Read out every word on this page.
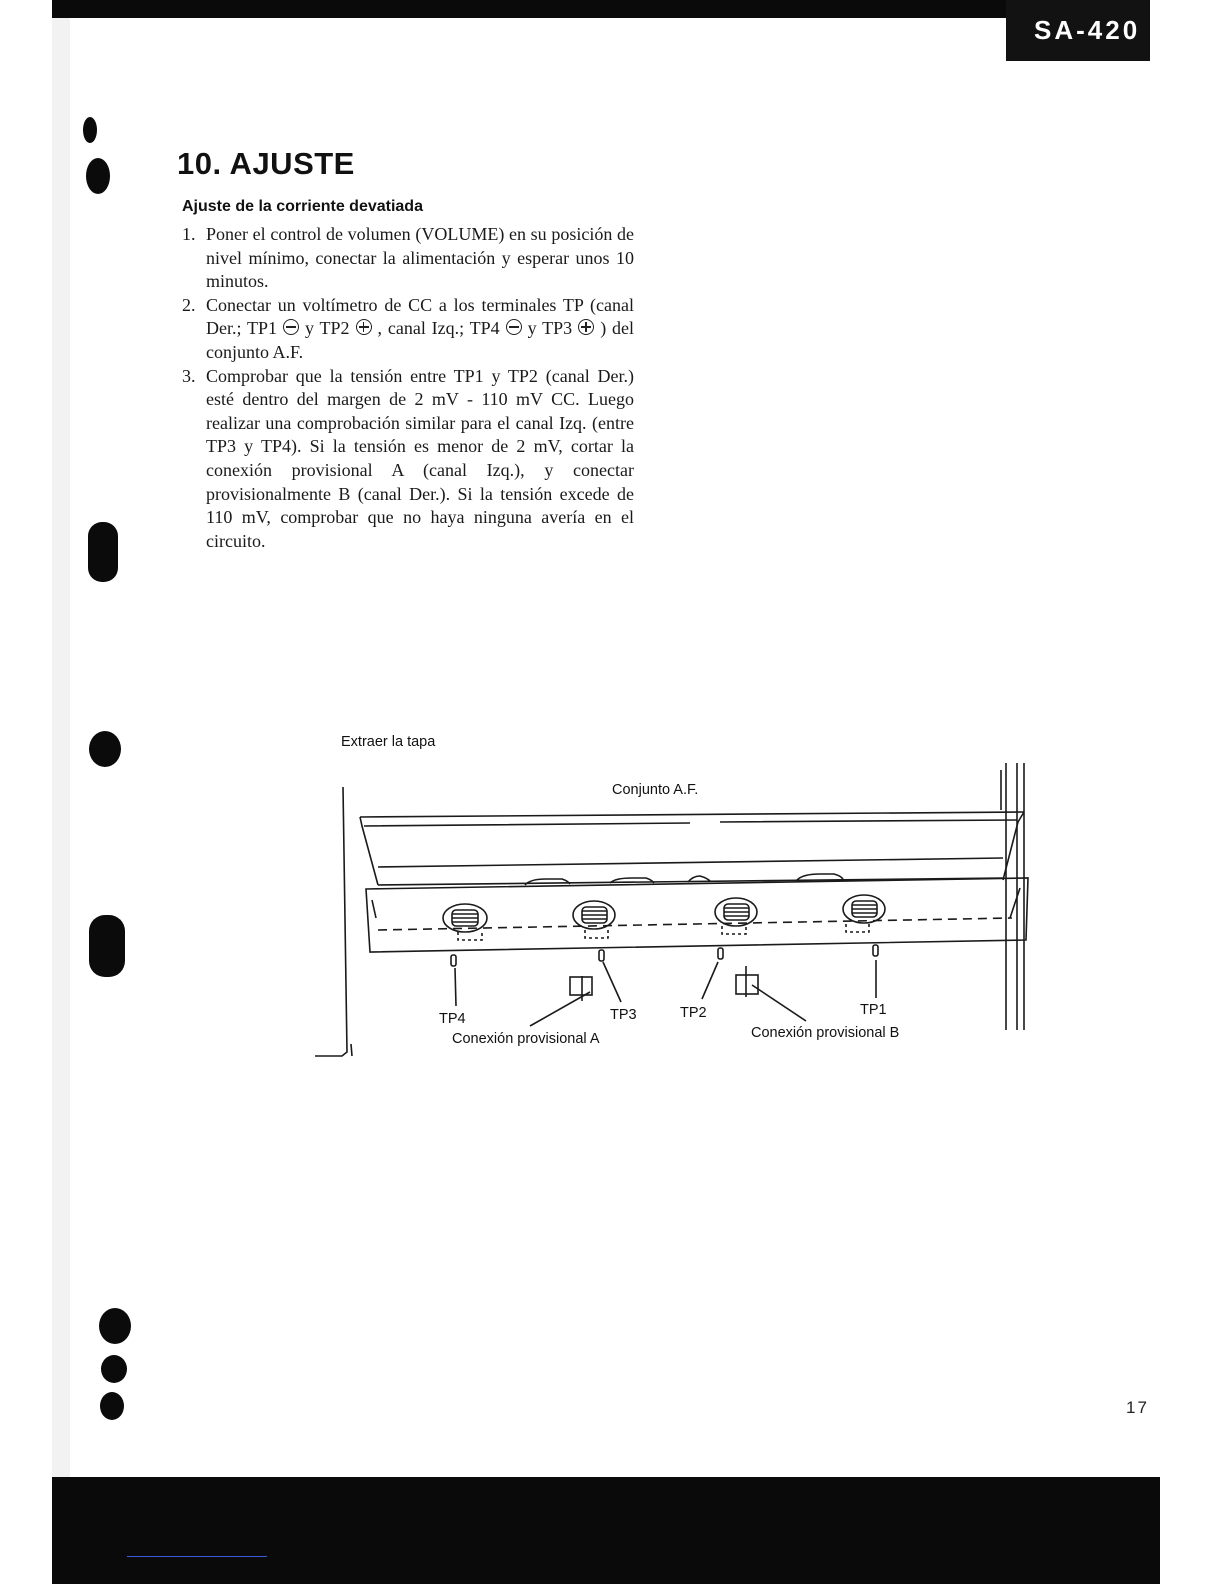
SA-420
10. AJUSTE
Ajuste de la corriente devatiada
1. Poner el control de volumen (VOLUME) en su posición de nivel mínimo, conectar la alimentación y esperar unos 10 minutos.
2. Conectar un voltímetro de CC a los terminales TP (canal Der.; TP1 y TP2 , canal Izq.; TP4 y TP3 ) del conjunto A.F.
3. Comprobar que la tensión entre TP1 y TP2 (canal Der.) esté dentro del margen de 2 mV - 110 mV CC. Luego realizar una comprobación similar para el canal Izq. (entre TP3 y TP4). Si la tensión es menor de 2 mV, cortar la conexión provisional A (canal Izq.), y conectar provisionalmente B (canal Der.). Si la tensión excede de 110 mV, comprobar que no haya ninguna avería en el circuito.
Extraer la tapa
Conjunto A.F.
TP4	TP3	TP2	TP1
Conexión provisional A	Conexión provisional B
17
